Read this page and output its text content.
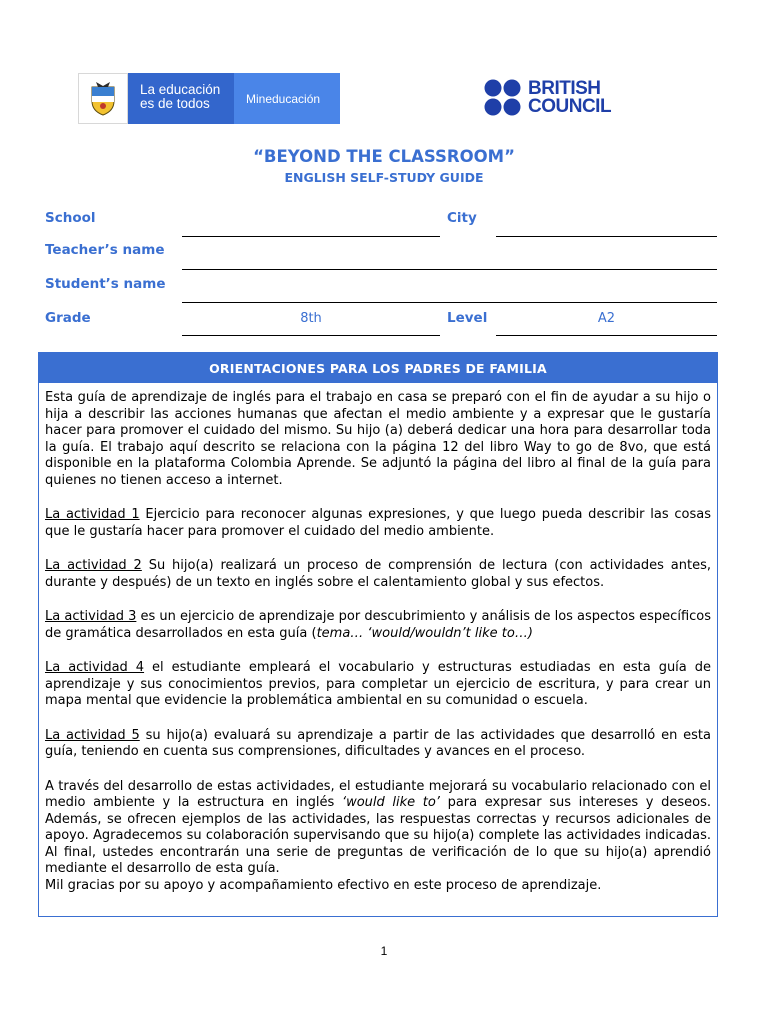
La educación
es de todos	Mineducación	BRITISH
COUNCIL
“BEYOND THE CLASSROOM”
ENGLISH SELF-STUDY GUIDE
School	City
Teacher’s name
Student’s name
Grade	8th	Level	A2
ORIENTACIONES PARA LOS PADRES DE FAMILIA

Esta guía de aprendizaje de inglés para el trabajo en casa se preparó con el fin de ayudar a su hijo o hija a describir las acciones humanas que afectan el medio ambiente y a expresar que le gustaría hacer para promover el cuidado del mismo. Su hijo (a) deberá dedicar una hora para desarrollar toda la guía. El trabajo aquí descrito se relaciona con la página 12 del libro Way to go de 8vo, que está disponible en la plataforma Colombia Aprende. Se adjuntó la página del libro al final de la guía para quienes no tienen acceso a internet.

La actividad 1 Ejercicio para reconocer algunas expresiones, y que luego pueda describir las cosas que le gustaría hacer para promover el cuidado del medio ambiente.

La actividad 2 Su hijo(a) realizará un proceso de comprensión de lectura (con actividades antes, durante y después) de un texto en inglés sobre el calentamiento global y sus efectos.

La actividad 3 es un ejercicio de aprendizaje por descubrimiento y análisis de los aspectos específicos de gramática desarrollados en esta guía (tema… ‘would/wouldn’t like to…)

La actividad 4 el estudiante empleará el vocabulario y estructuras estudiadas en esta guía de aprendizaje y sus conocimientos previos, para completar un ejercicio de escritura, y para crear un mapa mental que evidencie la problemática ambiental en su comunidad o escuela.

La actividad 5 su hijo(a) evaluará su aprendizaje a partir de las actividades que desarrolló en esta guía, teniendo en cuenta sus comprensiones, dificultades y avances en el proceso.

A través del desarrollo de estas actividades, el estudiante mejorará su vocabulario relacionado con el medio ambiente y la estructura en inglés ‘would like to’ para expresar sus intereses y deseos. Además, se ofrecen ejemplos de las actividades, las respuestas correctas y recursos adicionales de apoyo. Agradecemos su colaboración supervisando que su hijo(a) complete las actividades indicadas. Al final, ustedes encontrarán una serie de preguntas de verificación de lo que su hijo(a) aprendió mediante el desarrollo de esta guía.

Mil gracias por su apoyo y acompañamiento efectivo en este proceso de aprendizaje.

1
